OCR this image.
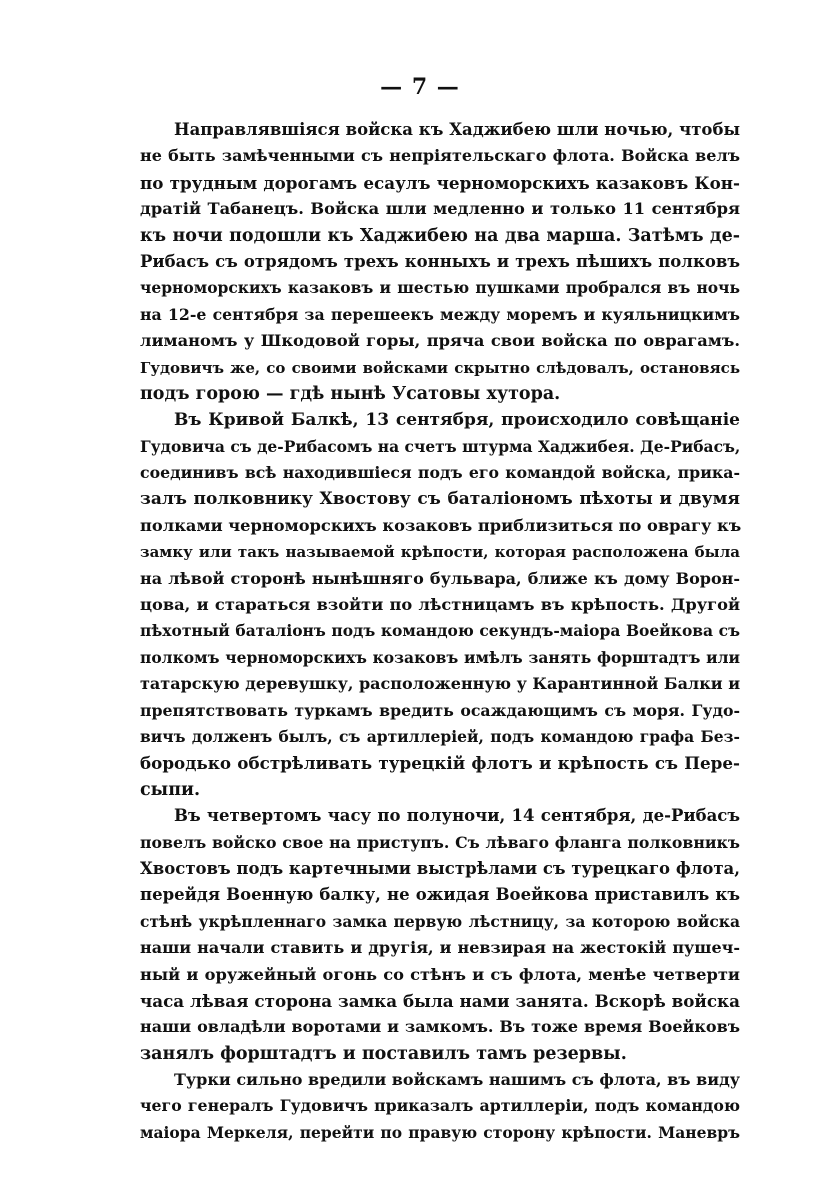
— 7 —
Направлявшіяся войска къ Хаджибею шли ночью, чтобы
не быть замѣченными съ непріятельскаго флота. Войска велъ
по трудным дорогамъ есаулъ черноморскихъ казаковъ Кон-
дратій Табанецъ. Войска шли медленно и только 11 сентября
къ ночи подошли къ Хаджибею на два марша. Затѣмъ де-
Рибасъ съ отрядомъ трехъ конныхъ и трехъ пѣшихъ полковъ
черноморскихъ казаковъ и шестью пушками пробрался въ ночь
на 12-е сентября за перешеекъ между моремъ и куяльницкимъ
лиманомъ у Шкодовой горы, пряча свои войска по оврагамъ.
Гудовичъ же, со своими войсками скрытно слѣдовалъ, остановясь
подъ горою — гдѣ нынѣ Усатовы хутора.
Въ Кривой Балкѣ, 13 сентября, происходило совѣщаніе
Гудовича съ де-Рибасомъ на счетъ штурма Хаджибея. Де-Рибасъ,
соединивъ всѣ находившіеся подъ его командой войска, прика-
залъ полковнику Хвостову съ баталіономъ пѣхоты и двумя
полками черноморскихъ козаковъ приблизиться по оврагу къ
замку или такъ называемой крѣпости, которая расположена была
на лѣвой сторонѣ нынѣшняго бульвара, ближе къ дому Ворон-
цова, и стараться взойти по лѣстницамъ въ крѣпость. Другой
пѣхотный баталіонъ подъ командою секундъ-маіора Воейкова съ
полкомъ черноморскихъ козаковъ имѣлъ занять форштадтъ или
татарскую деревушку, расположенную у Карантинной Балки и
препятствовать туркамъ вредить осаждающимъ съ моря. Гудо-
вичъ долженъ былъ, съ артиллеріей, подъ командою графа Без-
бородько обстрѣливать турецкій флотъ и крѣпость съ Пере-
сыпи.
Въ четвертомъ часу по полуночи, 14 сентября, де-Рибасъ
повелъ войско свое на приступъ. Съ лѣваго фланга полковникъ
Хвостовъ подъ картечными выстрѣлами съ турецкаго флота,
перейдя Военную балку, не ожидая Воейкова приставилъ къ
стѣнѣ укрѣпленнаго замка первую лѣстницу, за которою войска
наши начали ставить и другія, и невзирая на жестокій пушеч-
ный и оружейный огонь со стѣнъ и съ флота, менѣе четверти
часа лѣвая сторона замка была нами занята. Вскорѣ войска
наши овладѣли воротами и замкомъ. Въ тоже время Воейковъ
занялъ форштадтъ и поставилъ тамъ резервы.
Турки сильно вредили войскамъ нашимъ съ флота, въ виду
чего генералъ Гудовичъ приказалъ артиллеріи, подъ командою
маіора Меркеля, перейти по правую сторону крѣпости. Маневръ
